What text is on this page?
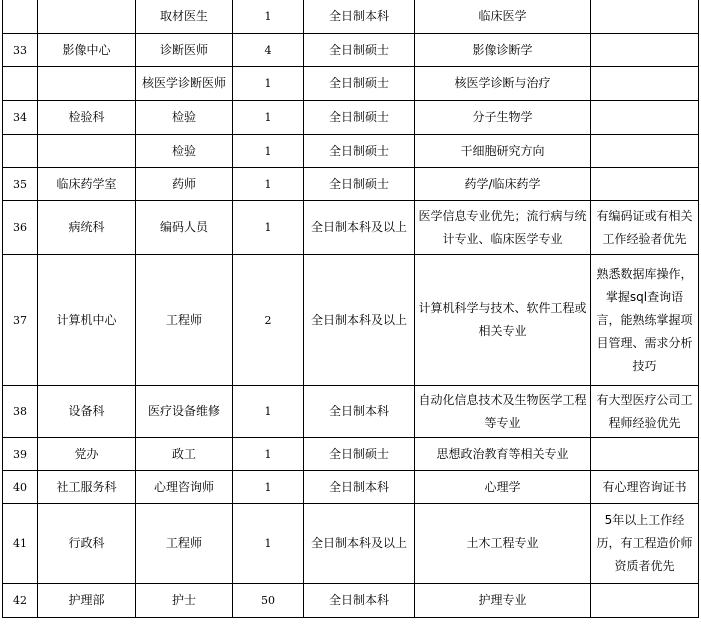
		取材医生	1	全日制本科	临床医学	
33	影像中心	诊断医师	4	全日制硕士	影像诊断学	
		核医学诊断医师	1	全日制硕士	核医学诊断与治疗	
34	检验科	检验	1	全日制硕士	分子生物学	
		检验	1	全日制硕士	干细胞研究方向	
35	临床药学室	药师	1	全日制硕士	药学/临床药学	
36	病统科	编码人员	1	全日制本科及以上	医学信息专业优先；流行病与统计专业、临床医学专业	有编码证或有相关工作经验者优先
37	计算机中心	工程师	2	全日制本科及以上	计算机科学与技术、软件工程或相关专业	熟悉数据库操作，掌握sql查询语言，能熟练掌握项目管理、需求分析技巧
38	设备科	医疗设备维修	1	全日制本科	自动化信息技术及生物医学工程等专业	有大型医疗公司工程师经验优先
39	党办	政工	1	全日制硕士	思想政治教育等相关专业	
40	社工服务科	心理咨询师	1	全日制本科	心理学	有心理咨询证书
41	行政科	工程师	1	全日制本科及以上	土木工程专业	5年以上工作经历，有工程造价师资质者优先
42	护理部	护士	50	全日制本科	护理专业	
